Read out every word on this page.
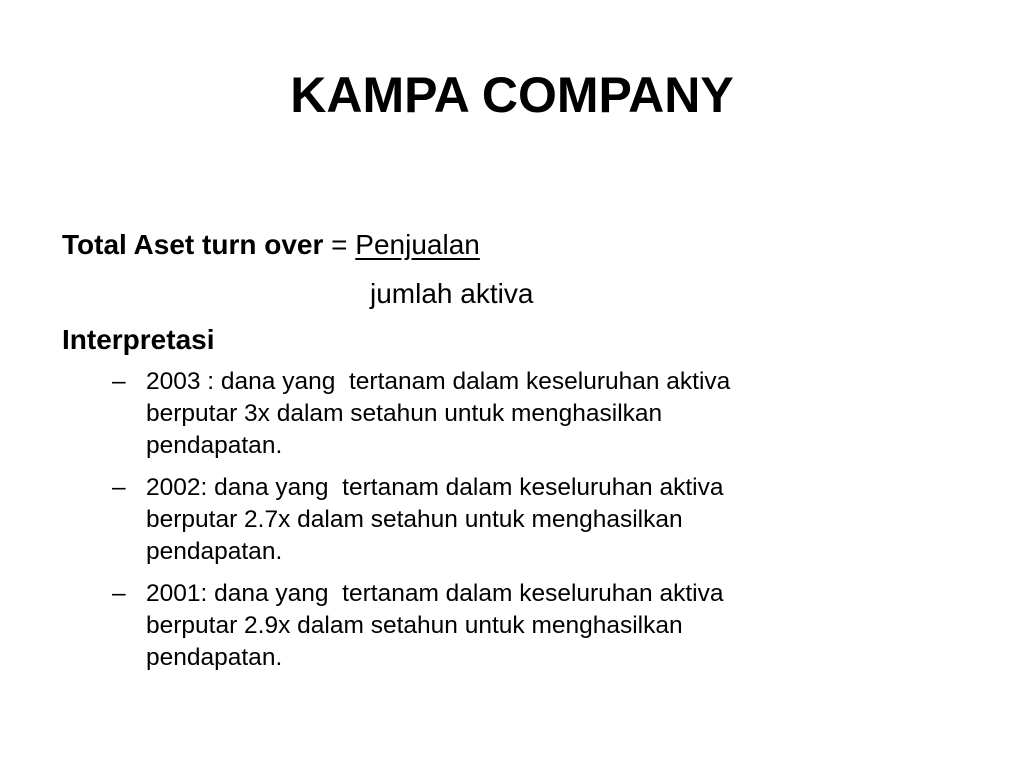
KAMPA COMPANY
Total Aset turn over = Penjualan
jumlah aktiva
Interpretasi
– 2003 : dana yang  tertanam dalam keseluruhan aktiva
berputar 3x dalam setahun untuk menghasilkan
pendapatan.
– 2002: dana yang  tertanam dalam keseluruhan aktiva
berputar 2.7x dalam setahun untuk menghasilkan
pendapatan.
– 2001: dana yang  tertanam dalam keseluruhan aktiva
berputar 2.9x dalam setahun untuk menghasilkan
pendapatan.
